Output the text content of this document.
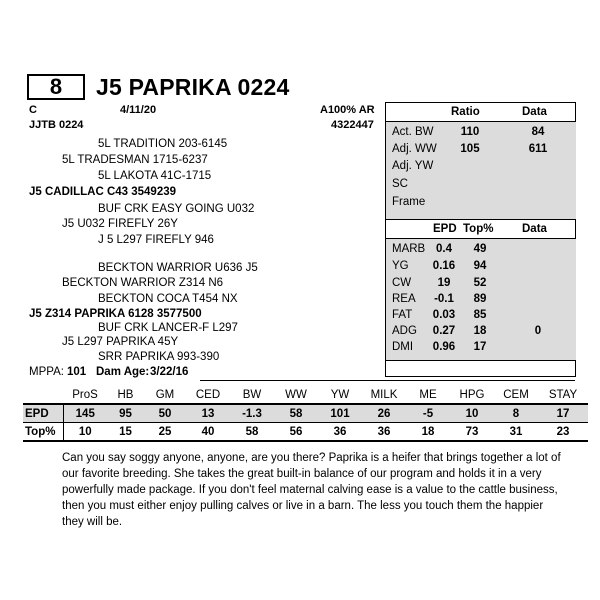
8	J5 PAPRIKA 0224
C	4/11/20	A100% AR
JJTB 0224	4322447
5L TRADITION 203-6145
5L TRADESMAN 1715-6237
5L LAKOTA 41C-1715
J5 CADILLAC C43 3549239
BUF CRK EASY GOING U032
J5 U032 FIREFLY 26Y
J 5 L297 FIREFLY 946
BECKTON WARRIOR U636 J5
BECKTON WARRIOR Z314 N6
BECKTON COCA T454 NX
J5 Z314 PAPRIKA 6128 3577500
BUF CRK LANCER-F L297
J5 L297 PAPRIKA 45Y
SRR PAPRIKA 993-390
MPPA: 101 Dam Age: 3/22/16
Ratio	Data
Act. BW	110	84
Adj. WW	105	611
Adj. YW
SC
Frame
EPD Top% Data
MARB 0.4	49
YG	0.16	94
CW	19	52
REA	-0.1	89
FAT	0.03	85
ADG	0.27	18	0
DMI	0.96	17
	ProS	HB	GM	CED	BW	WW	YW	MILK	ME	HPG	CEM	STAY
EPD	145	95	50	13	-1.3	58	101	26	-5	10	8	17
Top%	10	15	25	40	58	56	36	36	18	73	31	23
Can you say soggy anyone, anyone, are you there? Paprika is a heifer that brings together a lot of our favorite breeding. She takes the great built-in balance of our program and holds it in a very powerfully made package. If you don't feel maternal calving ease is a value to the cattle business, then you must either enjoy pulling calves or live in a barn. The less you touch them the happier they will be.
